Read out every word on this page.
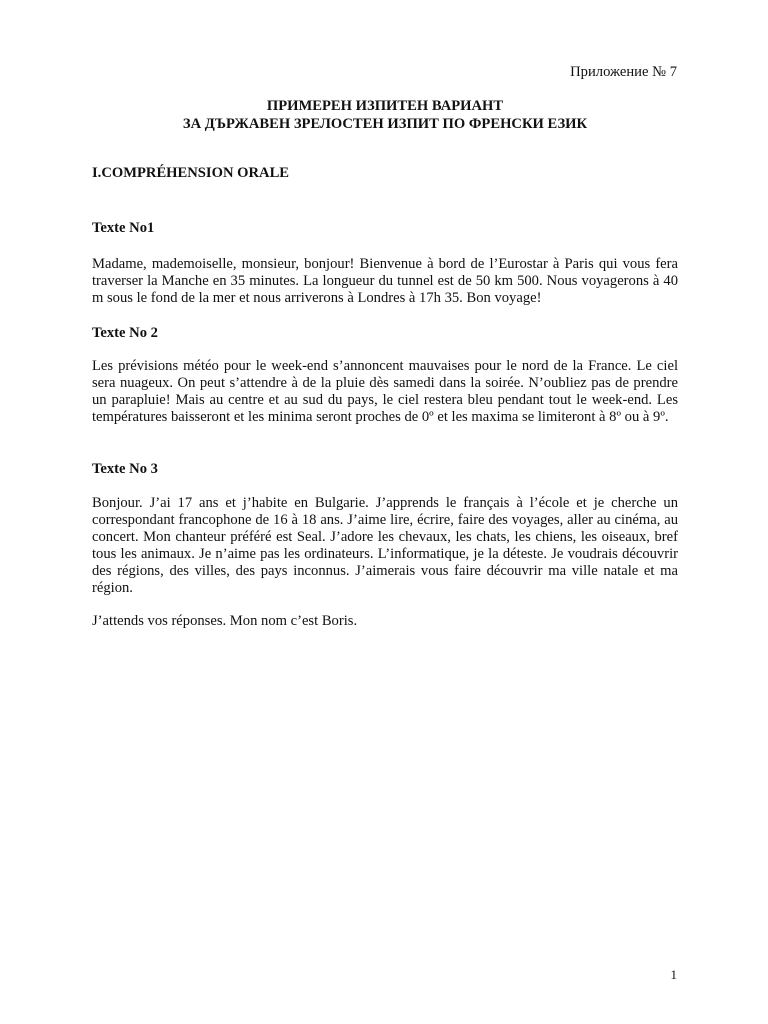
Приложение № 7
ПРИМЕРЕН ИЗПИТЕН ВАРИАНТ
ЗА ДЪРЖАВЕН ЗРЕЛОСТЕН ИЗПИТ ПО ФРЕНСКИ ЕЗИК
I.COMPRÉHENSION ORALE
Texte No1
Madame, mademoiselle, monsieur, bonjour! Bienvenue à bord de l’Eurostar à Paris qui vous fera traverser la Manche en 35 minutes. La longueur du tunnel est de 50 km 500. Nous voyagerons à 40 m sous le fond de la mer et nous arriverons à Londres à 17h 35. Bon voyage!
Texte No 2
Les prévisions météo pour le week-end s’annoncent mauvaises pour le nord de la France. Le ciel sera nuageux. On peut s’attendre à de la pluie dès samedi dans la soirée. N’oubliez pas de prendre un parapluie! Mais au centre et au sud du pays, le ciel restera bleu pendant tout le week-end. Les températures baisseront et les minima seront proches de 0º et les maxima se limiteront à 8º ou à 9º.
Texte No 3
Bonjour. J’ai 17 ans et j’habite en Bulgarie. J’apprends le français à l’école et je cherche un correspondant francophone de 16 à 18 ans. J’aime lire, écrire, faire des voyages, aller au cinéma, au concert. Mon chanteur préféré est Seal. J’adore les chevaux, les chats, les chiens, les oiseaux, bref tous les animaux. Je n’aime pas les ordinateurs. L’informatique, je la déteste. Je voudrais découvrir des régions, des villes, des pays inconnus. J’aimerais vous faire découvrir ma ville natale et ma région.
J’attends vos réponses. Mon nom c’est Boris.
1
